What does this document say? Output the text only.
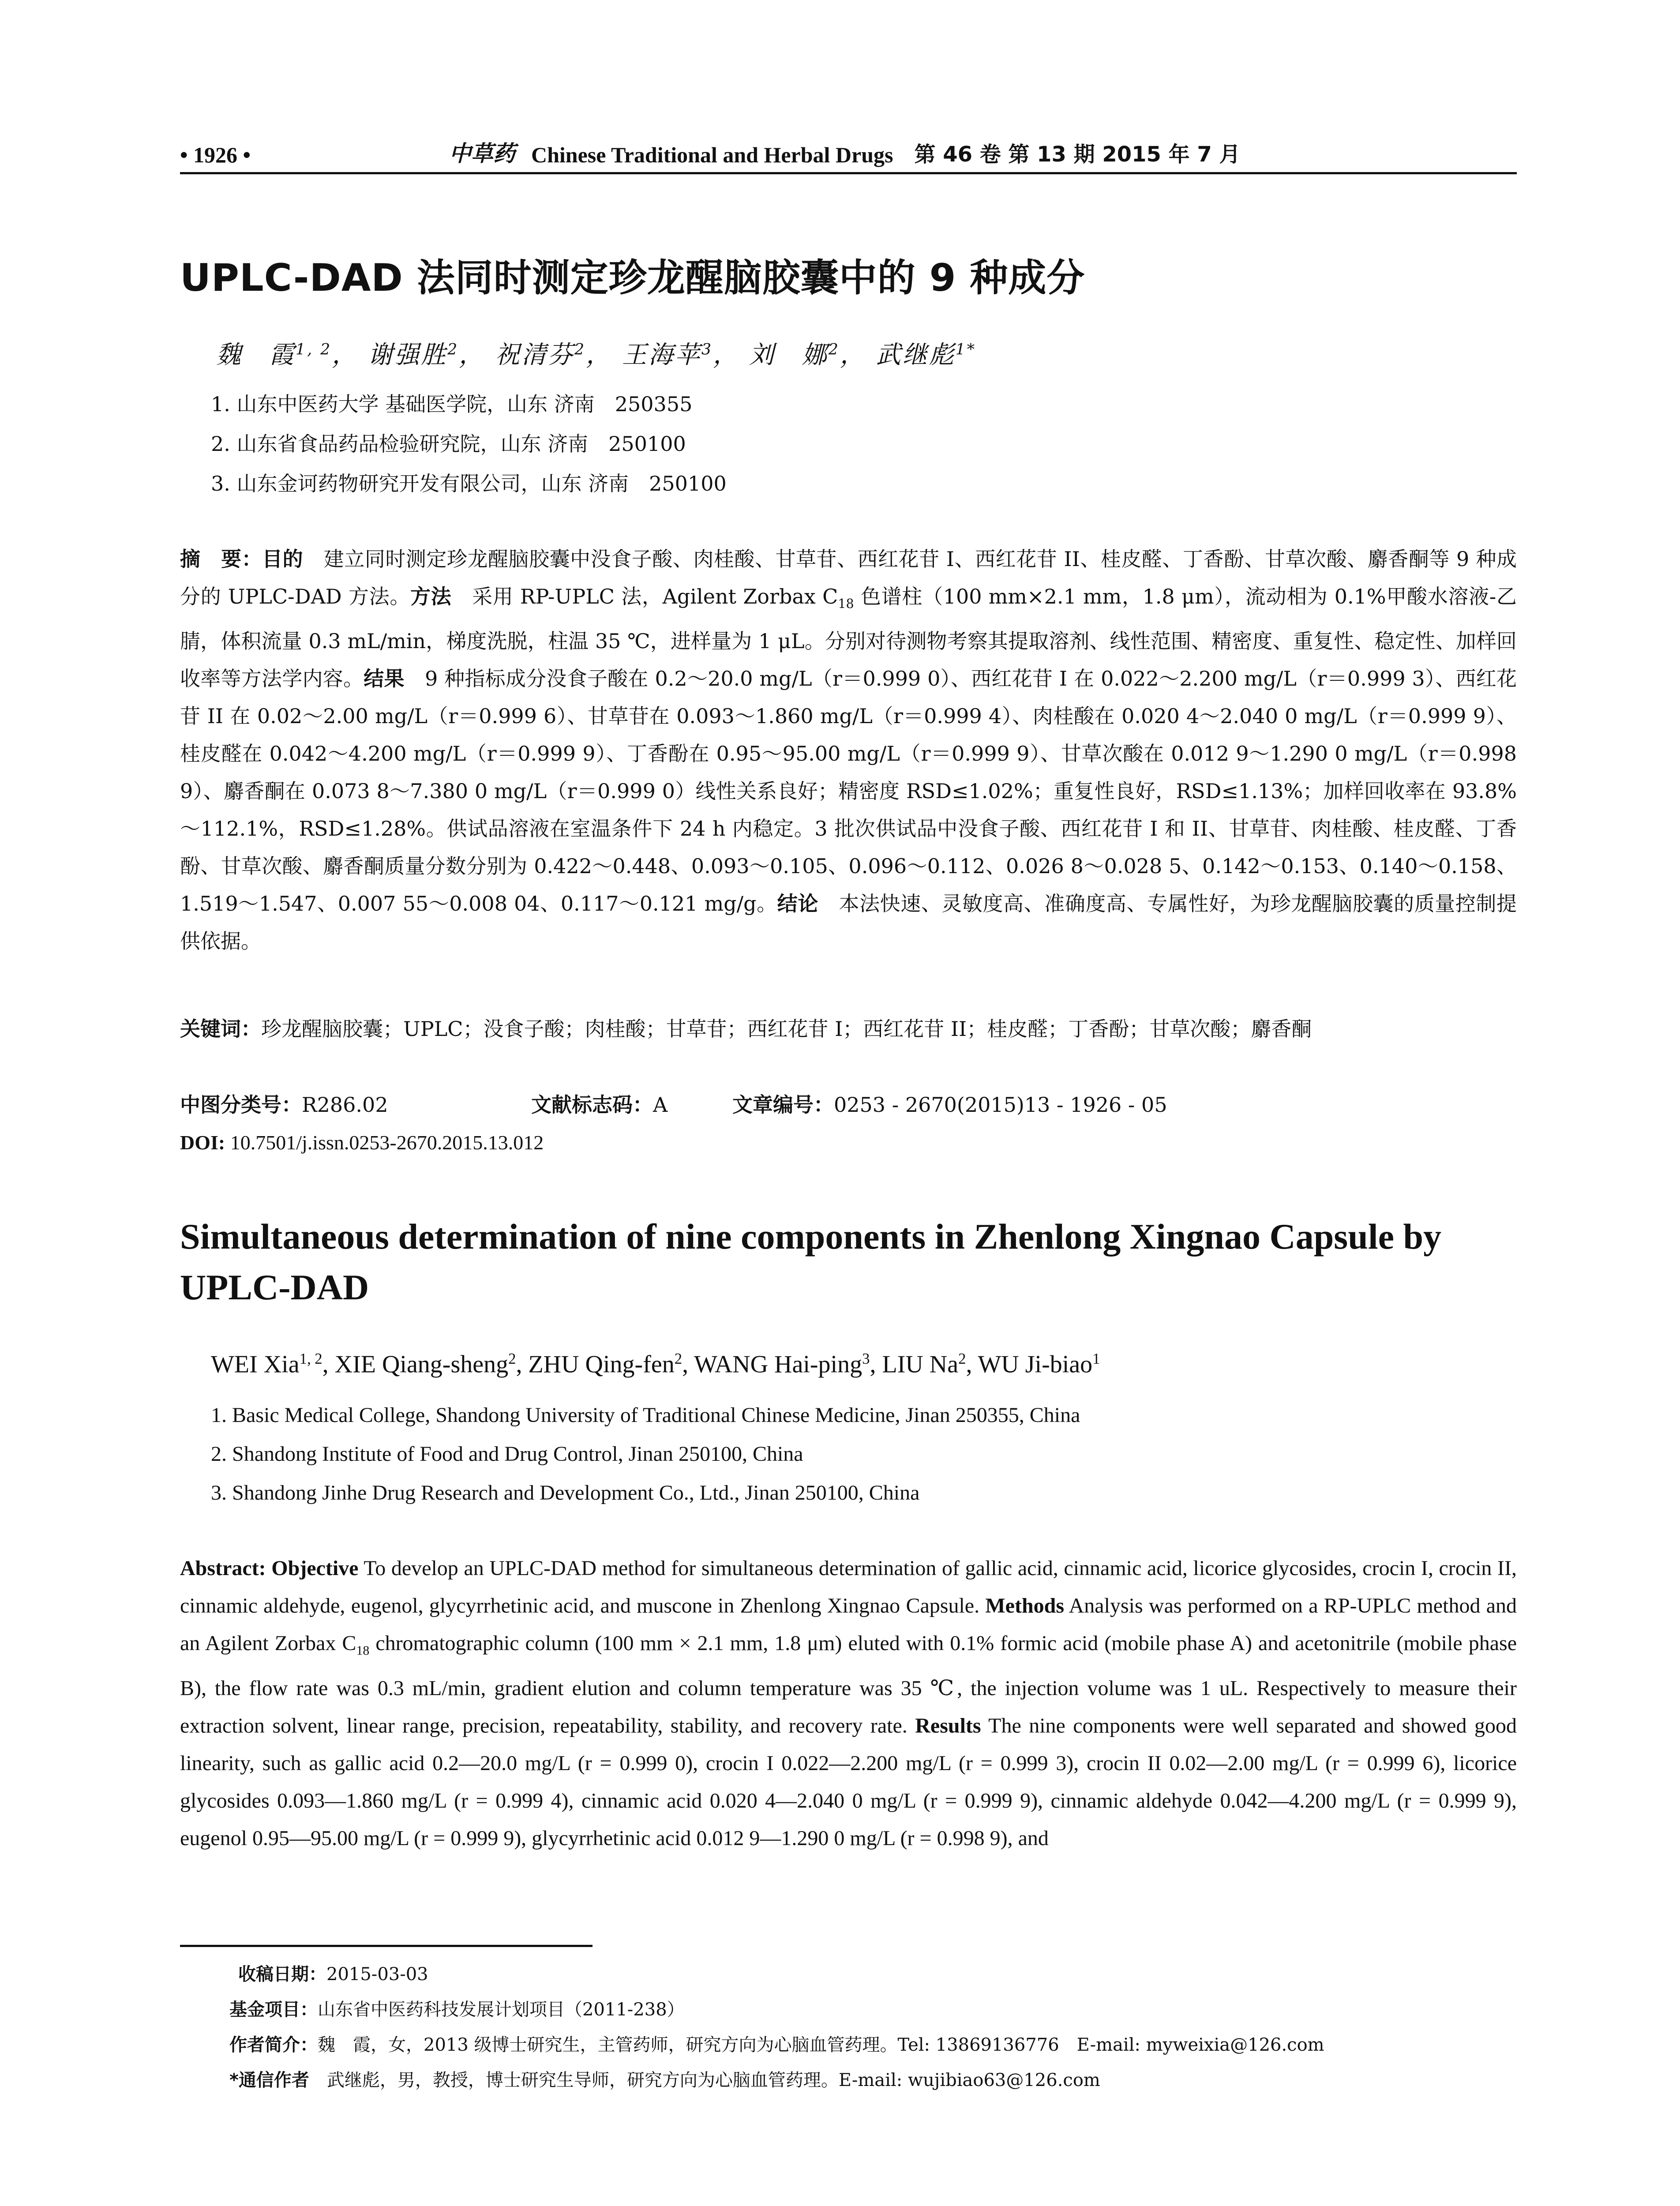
• 1926 •	中草药 Chinese Traditional and Herbal Drugs 第 46 卷 第 13 期 2015 年 7 月
UPLC-DAD 法同时测定珍龙醒脑胶囊中的 9 种成分
魏　霞$^{1, 2}$， 谢强胜$^2$， 祝清芬$^2$， 王海苹$^3$， 刘　娜$^2$， 武继彪$^{1*}$
1. 山东中医药大学 基础医学院，山东 济南　250355
2. 山东省食品药品检验研究院，山东 济南　250100
3. 山东金诃药物研究开发有限公司，山东 济南　250100
摘　要：目的　建立同时测定珍龙醒脑胶囊中没食子酸、肉桂酸、甘草苷、西红花苷 I、西红花苷 II、桂皮醛、丁香酚、甘草次酸、麝香酮等 9 种成分的 UPLC-DAD 方法。方法　采用 RP-UPLC 法，Agilent Zorbax $C_{18}$ 色谱柱（100 mm×2.1 mm，1.8 μm），流动相为 0.1%甲酸水溶液-乙腈，体积流量 0.3 mL/min，梯度洗脱，柱温 35 ℃，进样量为 1 μL。分别对待测物考察其提取溶剂、线性范围、精密度、重复性、稳定性、加样回收率等方法学内容。结果　9 种指标成分没食子酸在 0.2～20.0 mg/L（r＝0.999 0）、西红花苷 I 在 0.022～2.200 mg/L（r＝0.999 3）、西红花苷 II 在 0.02～2.00 mg/L（r＝0.999 6）、甘草苷在 0.093～1.860 mg/L（r＝0.999 4）、肉桂酸在 0.020 4～2.040 0 mg/L（r＝0.999 9）、桂皮醛在 0.042～4.200 mg/L（r＝0.999 9）、丁香酚在 0.95～95.00 mg/L（r＝0.999 9）、甘草次酸在 0.012 9～1.290 0 mg/L（r＝0.998 9）、麝香酮在 0.073 8～7.380 0 mg/L（r＝0.999 0）线性关系良好；精密度 RSD≤1.02%；重复性良好，RSD≤1.13%；加样回收率在 93.8%～112.1%，RSD≤1.28%。供试品溶液在室温条件下 24 h 内稳定。3 批次供试品中没食子酸、西红花苷 I 和 II、甘草苷、肉桂酸、桂皮醛、丁香酚、甘草次酸、麝香酮质量分数分别为 0.422～0.448、0.093～0.105、0.096～0.112、0.026 8～0.028 5、0.142～0.153、0.140～0.158、1.519～1.547、0.007 55～0.008 04、0.117～0.121 mg/g。结论　本法快速、灵敏度高、准确度高、专属性好，为珍龙醒脑胶囊的质量控制提供依据。
关键词：珍龙醒脑胶囊；UPLC；没食子酸；肉桂酸；甘草苷；西红花苷 I；西红花苷 II；桂皮醛；丁香酚；甘草次酸；麝香酮
中图分类号：R286.02	文献标志码：A	文章编号：0253 - 2670(2015)13 - 1926 - 05
DOI: 10.7501/j.issn.0253-2670.2015.13.012
Simultaneous determination of nine components in Zhenlong Xingnao Capsule by UPLC-DAD
WEI Xia$^{1, 2}$, XIE Qiang-sheng$^2$, ZHU Qing-fen$^2$, WANG Hai-ping$^3$, LIU Na$^2$, WU Ji-biao$^1$
1. Basic Medical College, Shandong University of Traditional Chinese Medicine, Jinan 250355, China
2. Shandong Institute of Food and Drug Control, Jinan 250100, China
3. Shandong Jinhe Drug Research and Development Co., Ltd., Jinan 250100, China
Abstract: Objective To develop an UPLC-DAD method for simultaneous determination of gallic acid, cinnamic acid, licorice glycosides, crocin I, crocin II, cinnamic aldehyde, eugenol, glycyrrhetinic acid, and muscone in Zhenlong Xingnao Capsule. Methods Analysis was performed on a RP-UPLC method and an Agilent Zorbax $C_{18}$ chromatographic column (100 mm × 2.1 mm, 1.8 μm) eluted with 0.1% formic acid (mobile phase A) and acetonitrile (mobile phase B), the flow rate was 0.3 mL/min, gradient elution and column temperature was 35 ℃, the injection volume was 1 uL. Respectively to measure their extraction solvent, linear range, precision, repeatability, stability, and recovery rate. Results The nine components were well separated and showed good linearity, such as gallic acid 0.2—20.0 mg/L (r = 0.999 0), crocin I 0.022—2.200 mg/L (r = 0.999 3), crocin II 0.02—2.00 mg/L (r = 0.999 6), licorice glycosides 0.093—1.860 mg/L (r = 0.999 4), cinnamic acid 0.020 4—2.040 0 mg/L (r = 0.999 9), cinnamic aldehyde 0.042—4.200 mg/L (r = 0.999 9), eugenol 0.95—95.00 mg/L (r = 0.999 9), glycyrrhetinic acid 0.012 9—1.290 0 mg/L (r = 0.998 9), and
收稿日期：2015-03-03
基金项目：山东省中医药科技发展计划项目（2011-238）
作者简介：魏　霞，女，2013 级博士研究生，主管药师，研究方向为心脑血管药理。Tel: 13869136776　E-mail: myweixia@126.com
*通信作者　武继彪，男，教授，博士研究生导师，研究方向为心脑血管药理。E-mail: wujibiao63@126.com
